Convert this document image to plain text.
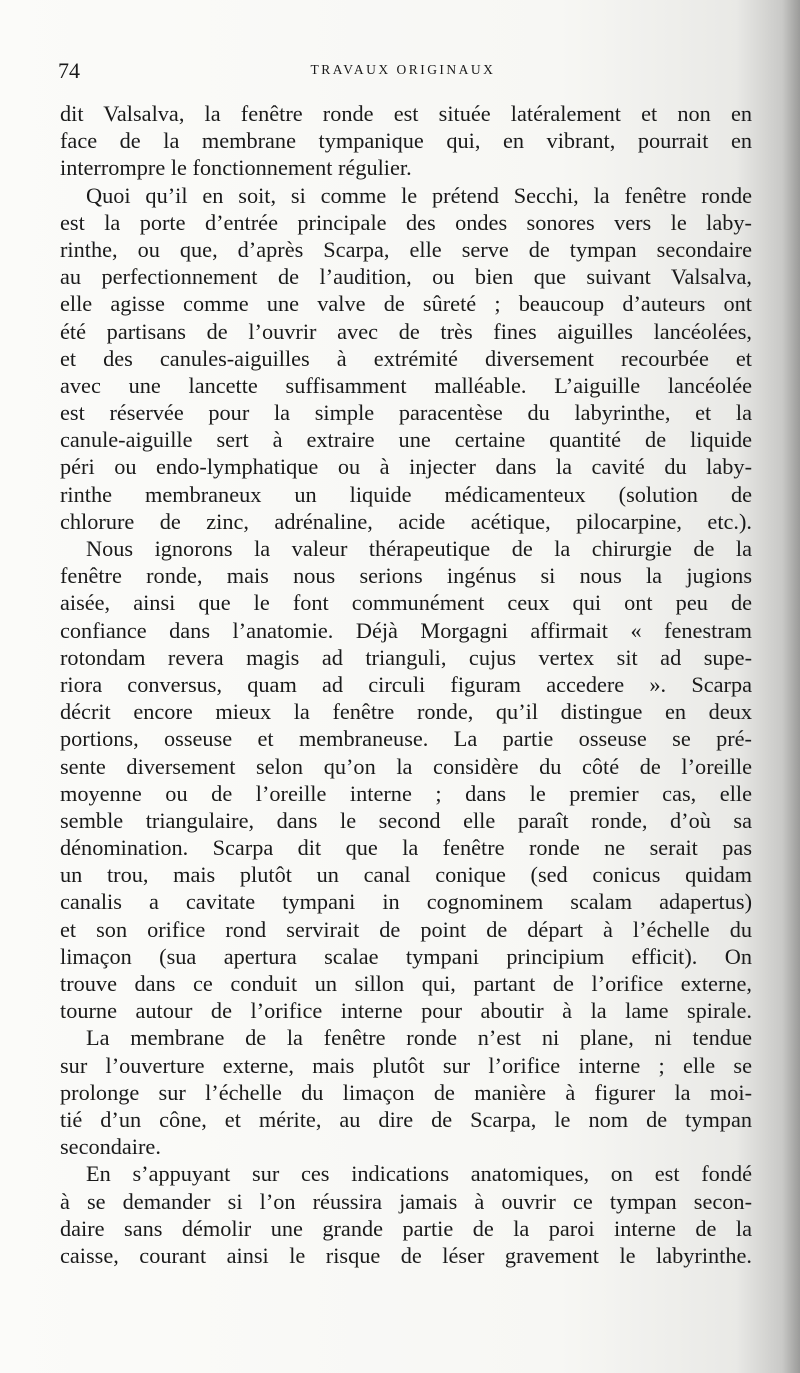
74	TRAVAUX ORIGINAUX
dit Valsalva, la fenêtre ronde est située latéralement et non en
face de la membrane tympanique qui, en vibrant, pourrait en
interrompre le fonctionnement régulier.
Quoi qu’il en soit, si comme le prétend Secchi, la fenêtre ronde
est la porte d’entrée principale des ondes sonores vers le laby-
rinthe, ou que, d’après Scarpa, elle serve de tympan secondaire
au perfectionnement de l’audition, ou bien que suivant Valsalva,
elle agisse comme une valve de sûreté ; beaucoup d’auteurs ont
été partisans de l’ouvrir avec de très fines aiguilles lancéolées,
et des canules-aiguilles à extrémité diversement recourbée et
avec une lancette suffisamment malléable. L’aiguille lancéolée
est réservée pour la simple paracentèse du labyrinthe, et la
canule-aiguille sert à extraire une certaine quantité de liquide
péri ou endo-lymphatique ou à injecter dans la cavité du laby-
rinthe membraneux un liquide médicamenteux (solution de
chlorure de zinc, adrénaline, acide acétique, pilocarpine, etc.).
Nous ignorons la valeur thérapeutique de la chirurgie de la
fenêtre ronde, mais nous serions ingénus si nous la jugions
aisée, ainsi que le font communément ceux qui ont peu de
confiance dans l’anatomie. Déjà Morgagni affirmait « fenestram
rotondam revera magis ad trianguli, cujus vertex sit ad supe-
riora conversus, quam ad circuli figuram accedere ». Scarpa
décrit encore mieux la fenêtre ronde, qu’il distingue en deux
portions, osseuse et membraneuse. La partie osseuse se pré-
sente diversement selon qu’on la considère du côté de l’oreille
moyenne ou de l’oreille interne ; dans le premier cas, elle
semble triangulaire, dans le second elle paraît ronde, d’où sa
dénomination. Scarpa dit que la fenêtre ronde ne serait pas
un trou, mais plutôt un canal conique (sed conicus quidam
canalis a cavitate tympani in cognominem scalam adapertus)
et son orifice rond servirait de point de départ à l’échelle du
limaçon (sua apertura scalae tympani principium efficit). On
trouve dans ce conduit un sillon qui, partant de l’orifice externe,
tourne autour de l’orifice interne pour aboutir à la lame spirale.
La membrane de la fenêtre ronde n’est ni plane, ni tendue
sur l’ouverture externe, mais plutôt sur l’orifice interne ; elle se
prolonge sur l’échelle du limaçon de manière à figurer la moi-
tié d’un cône, et mérite, au dire de Scarpa, le nom de tympan
secondaire.
En s’appuyant sur ces indications anatomiques, on est fondé
à se demander si l’on réussira jamais à ouvrir ce tympan secon-
daire sans démolir une grande partie de la paroi interne de la
caisse, courant ainsi le risque de léser gravement le labyrinthe.
